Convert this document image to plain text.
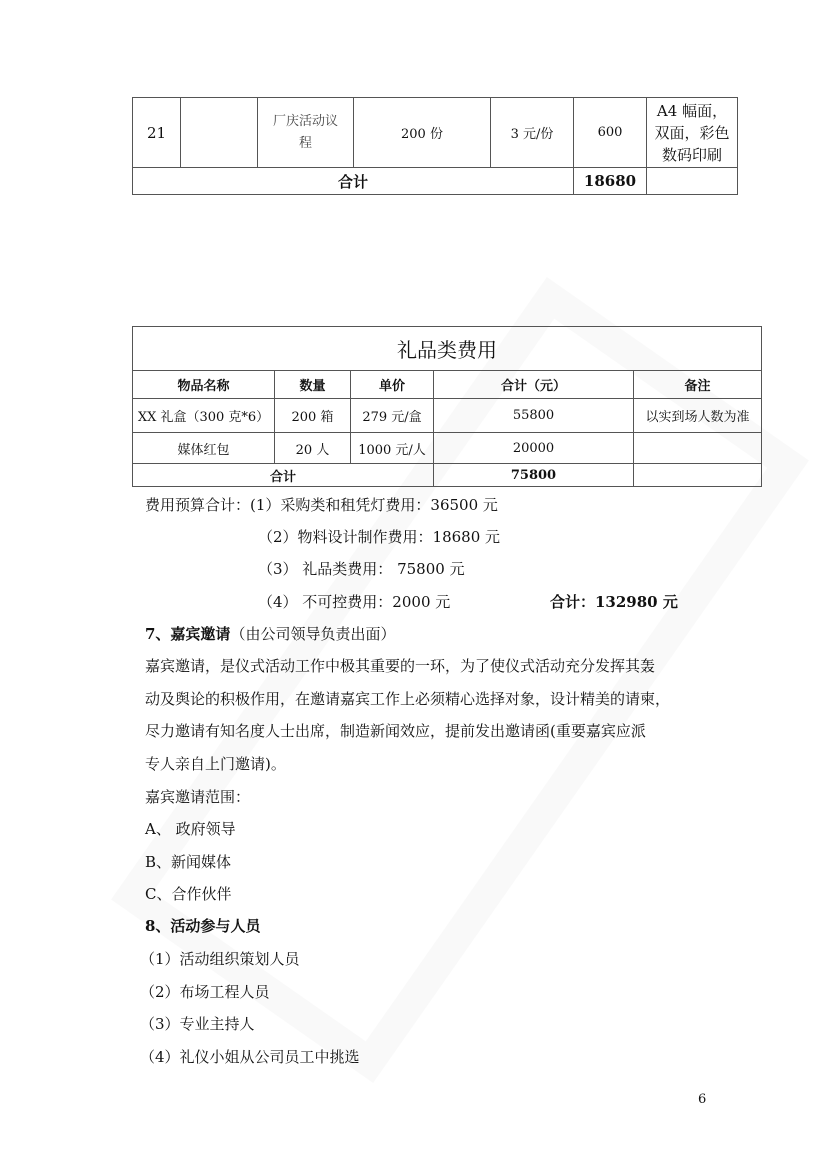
21		厂庆活动议程	200 份	3 元/份	600	A4 幅面，双面，彩色数码印刷
合计					18680	
礼品类费用				
物品名称	数量	单价	合计（元）	备注
XX 礼盒（300 克*6）	200 箱	279 元/盒	55800	以实到场人数为准
媒体红包	20 人	1000 元/人	20000	
合计			75800	
费用预算合计：(1）采购类和租凭灯费用：36500 元
（2）物料设计制作费用：18680 元
（3） 礼品类费用： 75800 元
（4） 不可控费用：2000 元	合计：132980 元
7、嘉宾邀请（由公司领导负责出面）
嘉宾邀请，是仪式活动工作中极其重要的一环，为了使仪式活动充分发挥其轰
动及舆论的积极作用，在邀请嘉宾工作上必须精心选择对象，设计精美的请柬，
尽力邀请有知名度人士出席，制造新闻效应，提前发出邀请函(重要嘉宾应派
专人亲自上门邀请)。
嘉宾邀请范围：
A、 政府领导
B、新闻媒体
C、合作伙伴
8、活动参与人员
（1）活动组织策划人员
（2）布场工程人员
（3）专业主持人
（4）礼仪小姐从公司员工中挑选
6
